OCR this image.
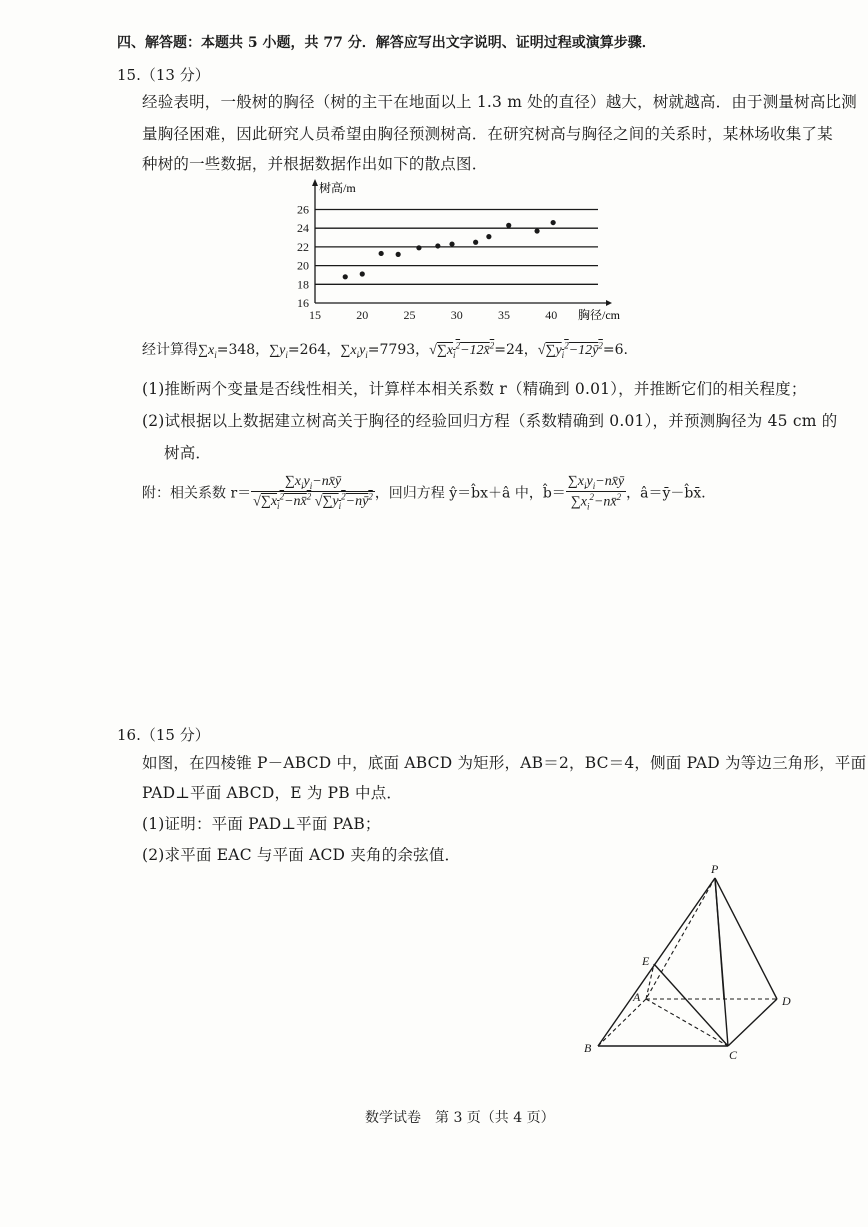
四、解答题：本题共 5 小题，共 77 分．解答应写出文字说明、证明过程或演算步骤．
15.（13 分）
经验表明，一般树的胸径（树的主干在地面以上 1.3 m 处的直径）越大，树就越高．由于测量树高比测
量胸径困难，因此研究人员希望由胸径预测树高．在研究树高与胸径之间的关系时，某林场收集了某
种树的一些数据，并根据数据作出如下的散点图．
16
18
20
22
24
26
15	20	25	30	35	40
树高/m
胸径/cm
经计算得$\sum x_i=348$，$\sum y_i=264$，$\sum x_iy_i=7793$，$√\sum x_i^2-12x̄^2=24$，$√\sum y_i^2-12ȳ^2=6$.
(1)推断两个变量是否线性相关，计算样本相关系数 r（精确到 0.01），并推断它们的相关程度；
(2)试根据以上数据建立树高关于胸径的经验回归方程（系数精确到 0.01），并预测胸径为 45 cm 的
树高．
附：相关系数 $r= \frac{\sum x_iy_i-nx̄ȳ}{√\sum x_i^2-nx̄^2 √\sum y_i^2-nȳ^2}$ ，回归方程 ŷ＝b̂x＋â 中，b̂＝ $\frac{\sum x_iy_i-nx̄ȳ}{\sum x_i^2-nx̄^2}$ ，â＝ȳ－b̂x̄．
16.（15 分）
如图，在四棱锥 P－ABCD 中，底面 ABCD 为矩形，AB＝2，BC＝4，侧面 PAD 为等边三角形，平面
PAD⊥平面 ABCD，E 为 PB 中点．
(1)证明：平面 PAD⊥平面 PAB；
(2)求平面 EAC 与平面 ACD 夹角的余弦值．
P
E
A
B	C
D
数学试卷　第 3 页（共 4 页）
